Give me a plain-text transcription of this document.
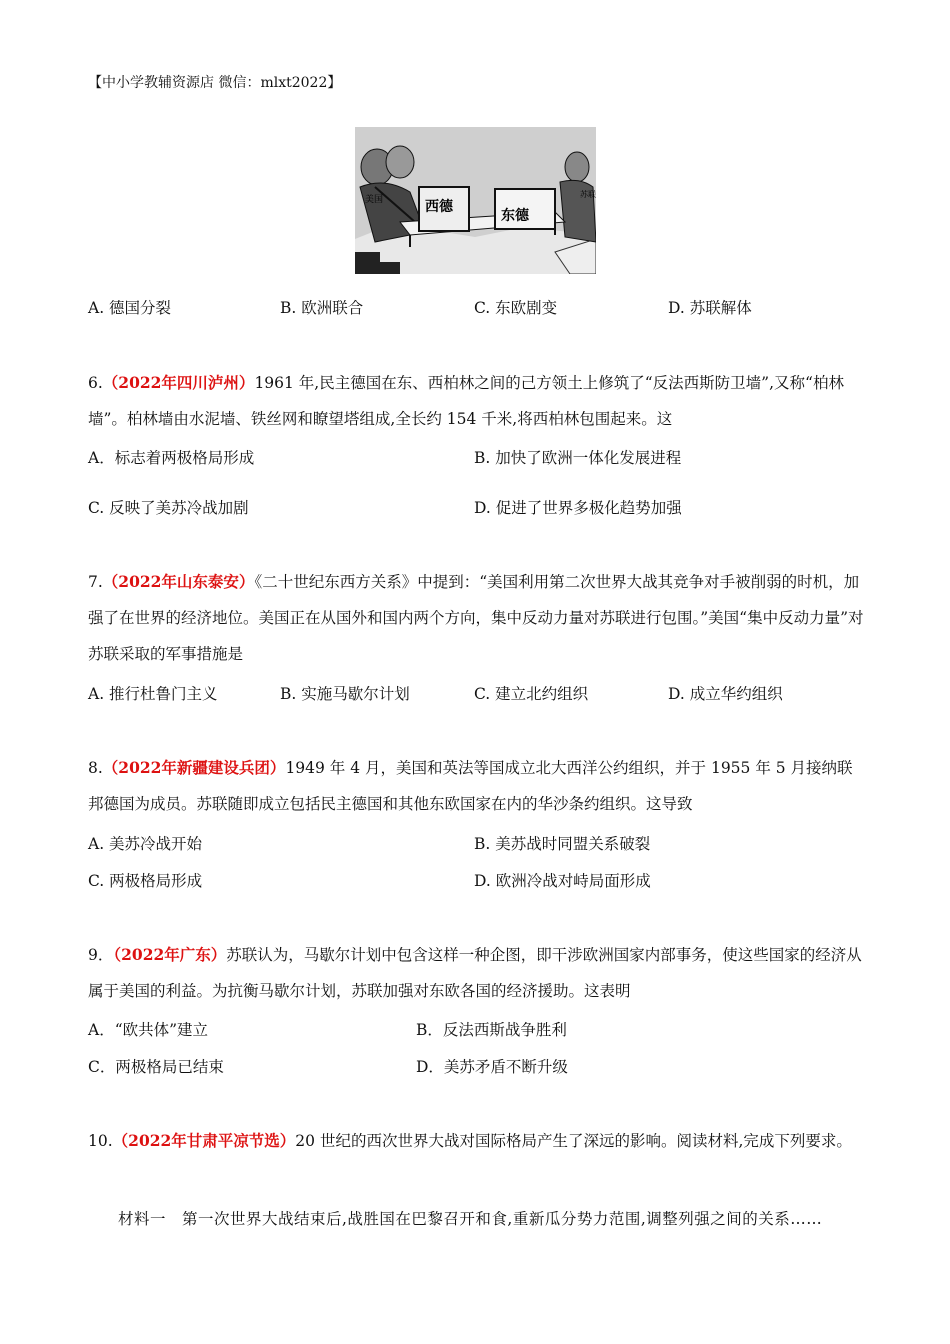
【中小学教辅资源店 微信：mlxt2022】
美国	西德
东德
苏联
A. 德国分裂	B. 欧洲联合	C. 东欧剧变	D. 苏联解体
6.（2022年四川泸州）1961 年,民主德国在东、西柏林之间的己方领土上修筑了“反法西斯防卫墙”,又称“柏林墙”。柏林墙由水泥墙、铁丝网和瞭望塔组成,全长约 154 千米,将西柏林包围起来。这
A．标志着两极格局形成	B. 加快了欧洲一体化发展进程
C. 反映了美苏冷战加剧	D. 促进了世界多极化趋势加强
7.（2022年山东泰安）《二十世纪东西方关系》中提到：“美国利用第二次世界大战其竞争对手被削弱的时机，加强了在世界的经济地位。美国正在从国外和国内两个方向，集中反动力量对苏联进行包围。”美国“集中反动力量”对苏联采取的军事措施是
A. 推行杜鲁门主义	B. 实施马歇尔计划	C. 建立北约组织	D. 成立华约组织
8.（2022年新疆建设兵团）1949 年 4 月，美国和英法等国成立北大西洋公约组织，并于 1955 年 5 月接纳联邦德国为成员。苏联随即成立包括民主德国和其他东欧国家在内的华沙条约组织。这导致
A. 美苏冷战开始	B. 美苏战时同盟关系破裂
C. 两极格局形成	D. 欧洲冷战对峙局面形成
9．（2022年广东）苏联认为，马歇尔计划中包含这样一种企图，即干涉欧洲国家内部事务，使这些国家的经济从属于美国的利益。为抗衡马歇尔计划，苏联加强对东欧各国的经济援助。这表明
A．“欧共体”建立	B．反法西斯战争胜利
C．两极格局已结束	D．美苏矛盾不断升级
10.（2022年甘肃平凉节选）20 世纪的西次世界大战对国际格局产生了深远的影响。阅读材料,完成下列要求。
材料一　第一次世界大战结束后,战胜国在巴黎召开和食,重新瓜分势力范围,调整列强之间的关系……
